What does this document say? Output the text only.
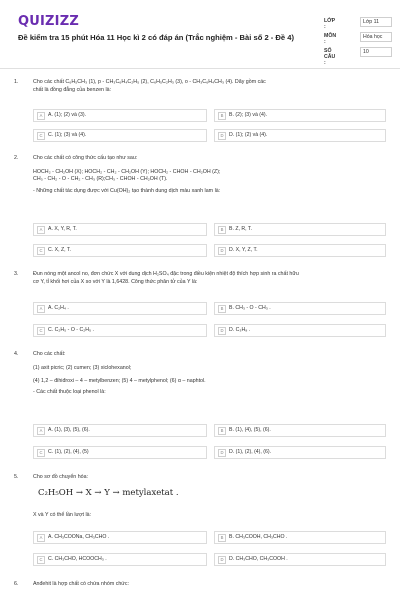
QUIZIZZ
Đề kiểm tra 15 phút Hóa 11 Học kì 2 có đáp án (Trắc nghiệm - Bài số 2 - Đề 4)
LỚP :
Lớp 11
MÔN :
Hóa học
SỐ CÂU :
10
1.	Cho các chất C₆H₅CH₃ (1), p - CH₃C₆H₄C₂H₅ (2), C₆H₅C₂H₃ (3), o - CH₃C₆H₄CH₃ (4). Dãy gồm các
chất là đồng đẳng của benzen là:
A	A. (1); (2) và (3).	B	B. (2); (3) và (4).
C	C. (1); (3) và (4).	D	D. (1); (2) và (4).
2.	Cho các chất có công thức cấu tạo như sau:
HOCH₂ - CH₂OH (X); HOCH₂ - CH₂ - CH₂OH (Y); HOCH₂ - CHOH - CH₂OH (Z);
CH₃ - CH₂ - O - CH₂ - CH₃ (R);CH₃ - CHOH - CH₂OH (T).
- Những chất tác dụng được với Cu(OH)₂ tạo thành dung dịch màu xanh lam là:
A	A. X, Y, R, T.	B	B. Z, R, T.
C	C. X, Z, T.	D	D. X, Y, Z, T.
3.	Đun nóng một ancol no, đơn chức X với dung dịch H₂SO₄ đặc trong điều kiện nhiệt độ thích hợp sinh ra chất hữu
cơ Y, tỉ khối hơi của X so với Y là 1,6428. Công thức phân tử của Y là:
A	A. C₂H₄ .	B	B. CH₃ - O - CH₃ .
C	C. C₂H₅ - O - C₂H₅ .	D	D. C₃H₈ .
4.	Cho các chất:
(1) axit picric; (2) cumen; (3) xiclohexanol;
(4) 1,2 – đihiđroxi – 4 – metylbenzen; (5) 4 – metylphenol; (6) α – naphtol.
- Các chất thuộc loại phenol là:
A	A. (1), (3), (5), (6).	B	B. (1), (4), (5), (6).
C	C. (1), (2), (4), (5)	D	D. (1), (2), (4), (6).
5.	Cho sơ đồ chuyển hóa:
C₂H₅OH → X → Y → metylaxetat .
X và Y có thể lần lượt là:
A	A. CH₃COONa, CH₃CHO .	B	B. CH₃COOH, CH₃CHO .
C	C. CH₃CHO, HCOOCH₃ .	D	D. CH₃CHO, CH₃COOH .
6.	Anđehit là hợp chất có chứa nhóm chức:
